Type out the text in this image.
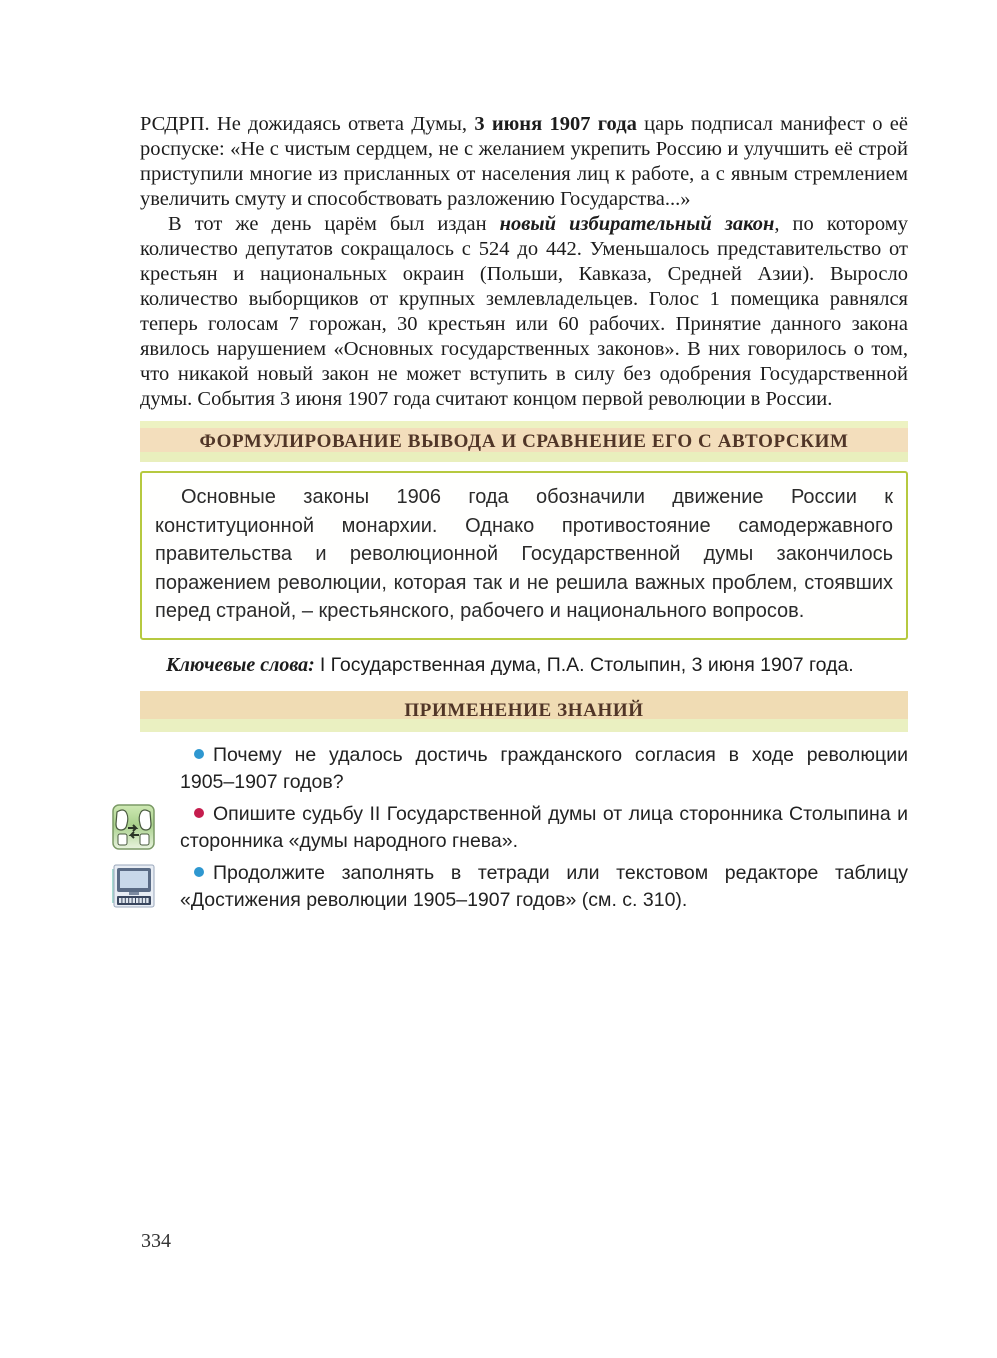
РСДРП. Не дожидаясь ответа Думы, 3 июня 1907 года царь подписал манифест о её роспуске: «Не с чистым сердцем, не с желанием укрепить Россию и улучшить её строй приступили многие из присланных от населения лиц к работе, а с явным стремлением увеличить смуту и способствовать разложению Государства...»

В тот же день царём был издан новый избирательный закон, по которому количество депутатов сокращалось с 524 до 442. Уменьшалось представительство от крестьян и национальных окраин (Польши, Кавказа, Средней Азии). Выросло количество выборщиков от крупных землевладельцев. Голос 1 помещика равнялся теперь голосам 7 горожан, 30 крестьян или 60 рабочих. Принятие данного закона явилось нарушением «Основных государственных законов». В них говорилось о том, что никакой новый закон не может вступить в силу без одобрения Государственной думы. События 3 июня 1907 года считают концом первой революции в России.

ФОРМУЛИРОВАНИЕ ВЫВОДА И СРАВНЕНИЕ ЕГО С АВТОРСКИМ

Основные законы 1906 года обозначили движение России к конституционной монархии. Однако противостояние самодержавного правительства и революционной Государственной думы закончилось поражением революции, которая так и не решила важных проблем, стоявших перед страной, – крестьянского, рабочего и национального вопросов.

Ключевые слова: I Государственная дума, П.А. Столыпин, 3 июня 1907 года.

ПРИМЕНЕНИЕ ЗНАНИЙ
Почему не удалось достичь гражданского согласия в ходе революции 1905–1907 годов?
Опишите судьбу II Государственной думы от лица сторонника Столыпина и сторонника «думы народного гнева».
Продолжите заполнять в тетради или текстовом редакторе таблицу «Достижения революции 1905–1907 годов» (см. с. 310).
334
